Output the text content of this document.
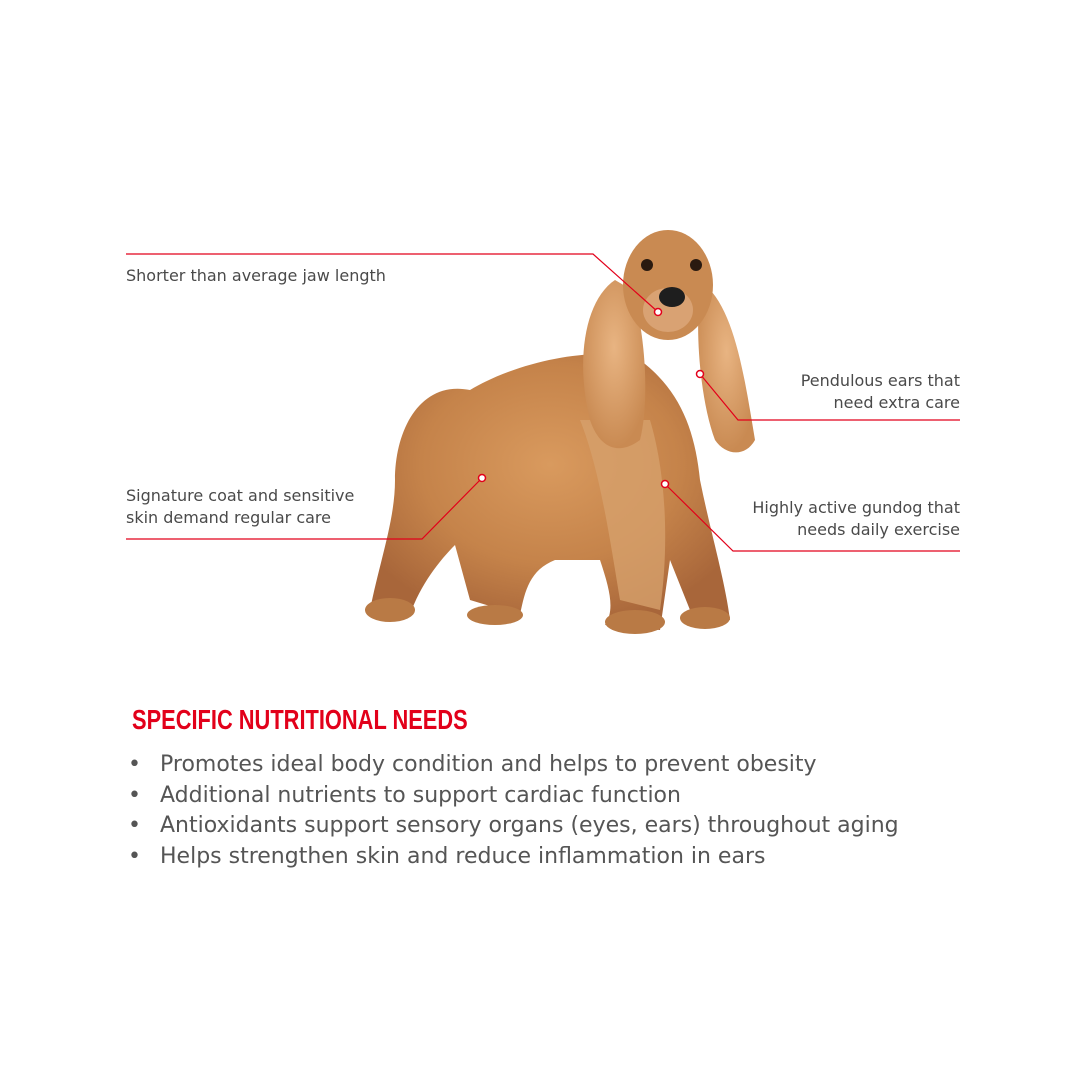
Shorter than average jaw length
Pendulous ears that
need extra care
Signature coat and sensitive
skin demand regular care
Highly active gundog that
needs daily exercise
SPECIFIC NUTRITIONAL NEEDS
• Promotes ideal body condition and helps to prevent obesity
• Additional nutrients to support cardiac function
• Antioxidants support sensory organs (eyes, ears) throughout aging
• Helps strengthen skin and reduce inflammation in ears
